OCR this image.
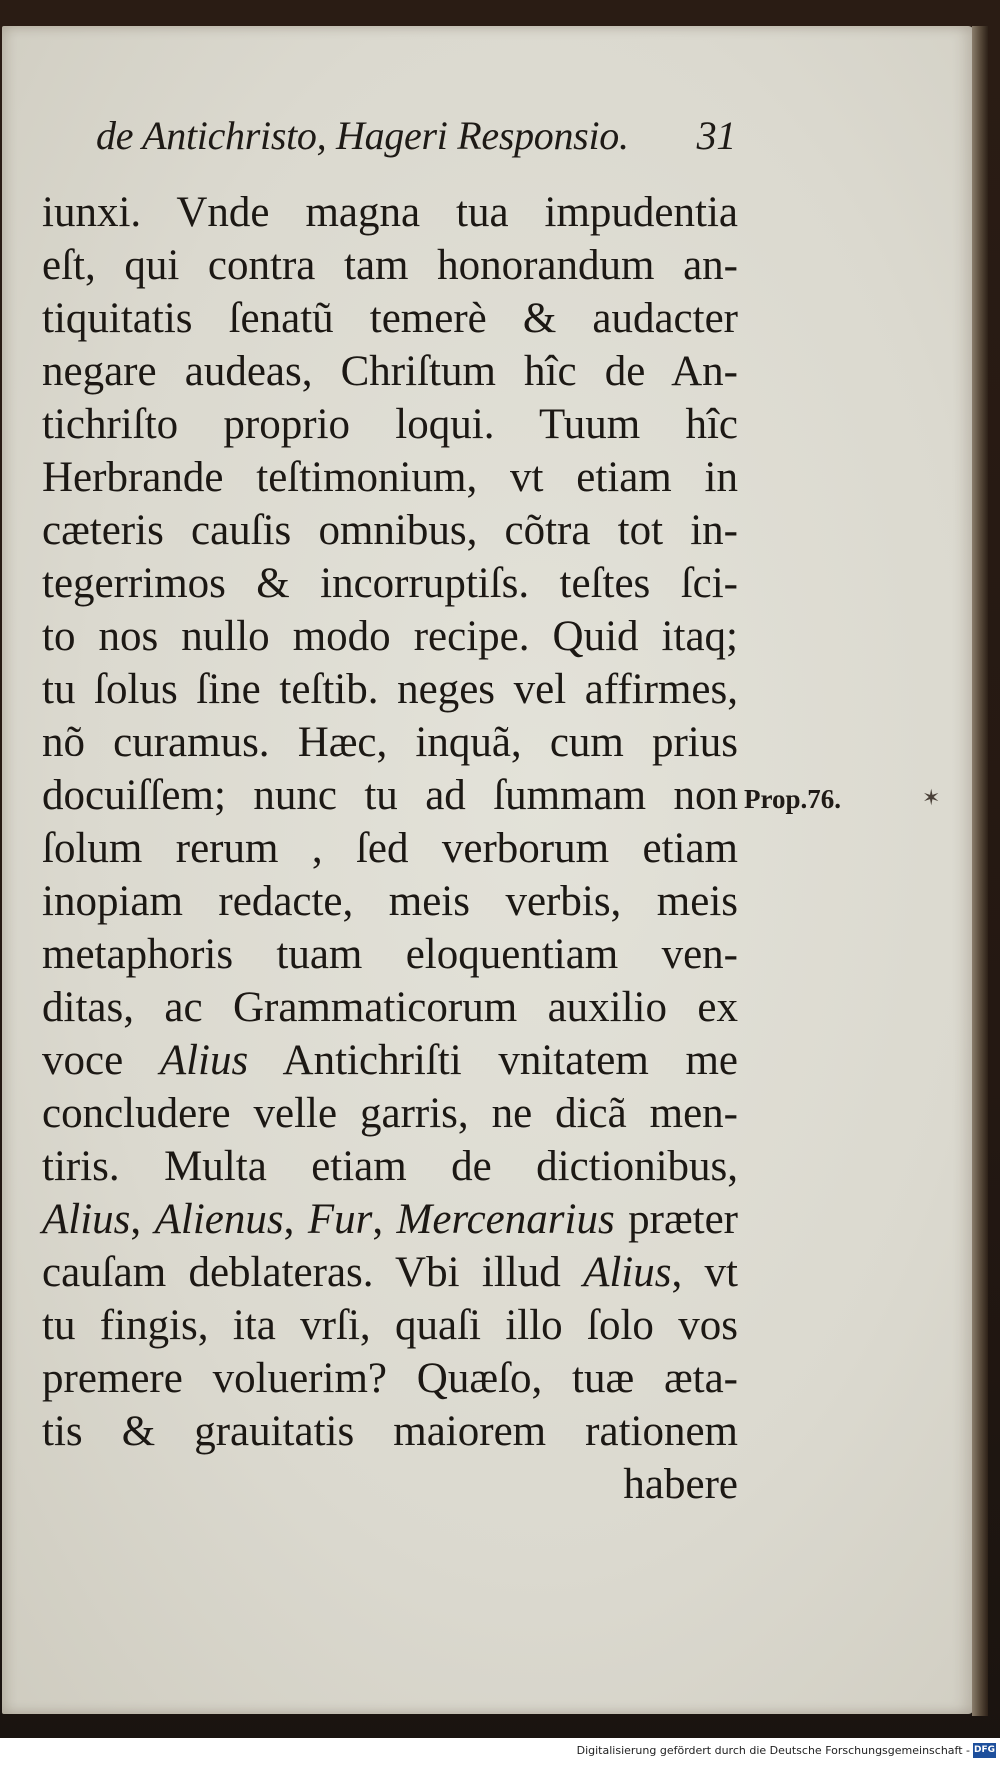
de Antichristo, Hageri Responsio. 31
iunxi. Vnde magna tua impudentia
eſt, qui contra tam honorandum an-
tiquitatis ſenatũ temerè & audacter
negare audeas, Chriſtum hîc de An-
tichriſto proprio loqui. Tuum hîc
Herbrande teſtimonium, vt etiam in
cæteris cauſis omnibus, cõtra tot in-
tegerrimos & incorruptiſs. teſtes ſci-
to nos nullo modo recipe. Quid itaq;
tu ſolus ſine teſtib. neges vel affirmes,
nõ curamus. Hæc, inquã, cum prius
docuiſſem; nunc tu ad ſummam non
ſolum rerum , ſed verborum etiam
inopiam redacte, meis verbis, meis
metaphoris tuam eloquentiam ven-
ditas, ac Grammaticorum auxilio ex
voce Alius Antichriſti vnitatem me
concludere velle garris, ne dicã men-
tiris. Multa etiam de dictionibus,
Alius, Alienus, Fur, Mercenarius præter
cauſam deblateras. Vbi illud Alius, vt
tu fingis, ita vrſi, quaſi illo ſolo vos
premere voluerim? Quæſo, tuæ æta-
tis & grauitatis maiorem rationem
habere
Prop.76.	✶
Digitalisierung gefördert durch die Deutsche Forschungsgemeinschaft - DFG
